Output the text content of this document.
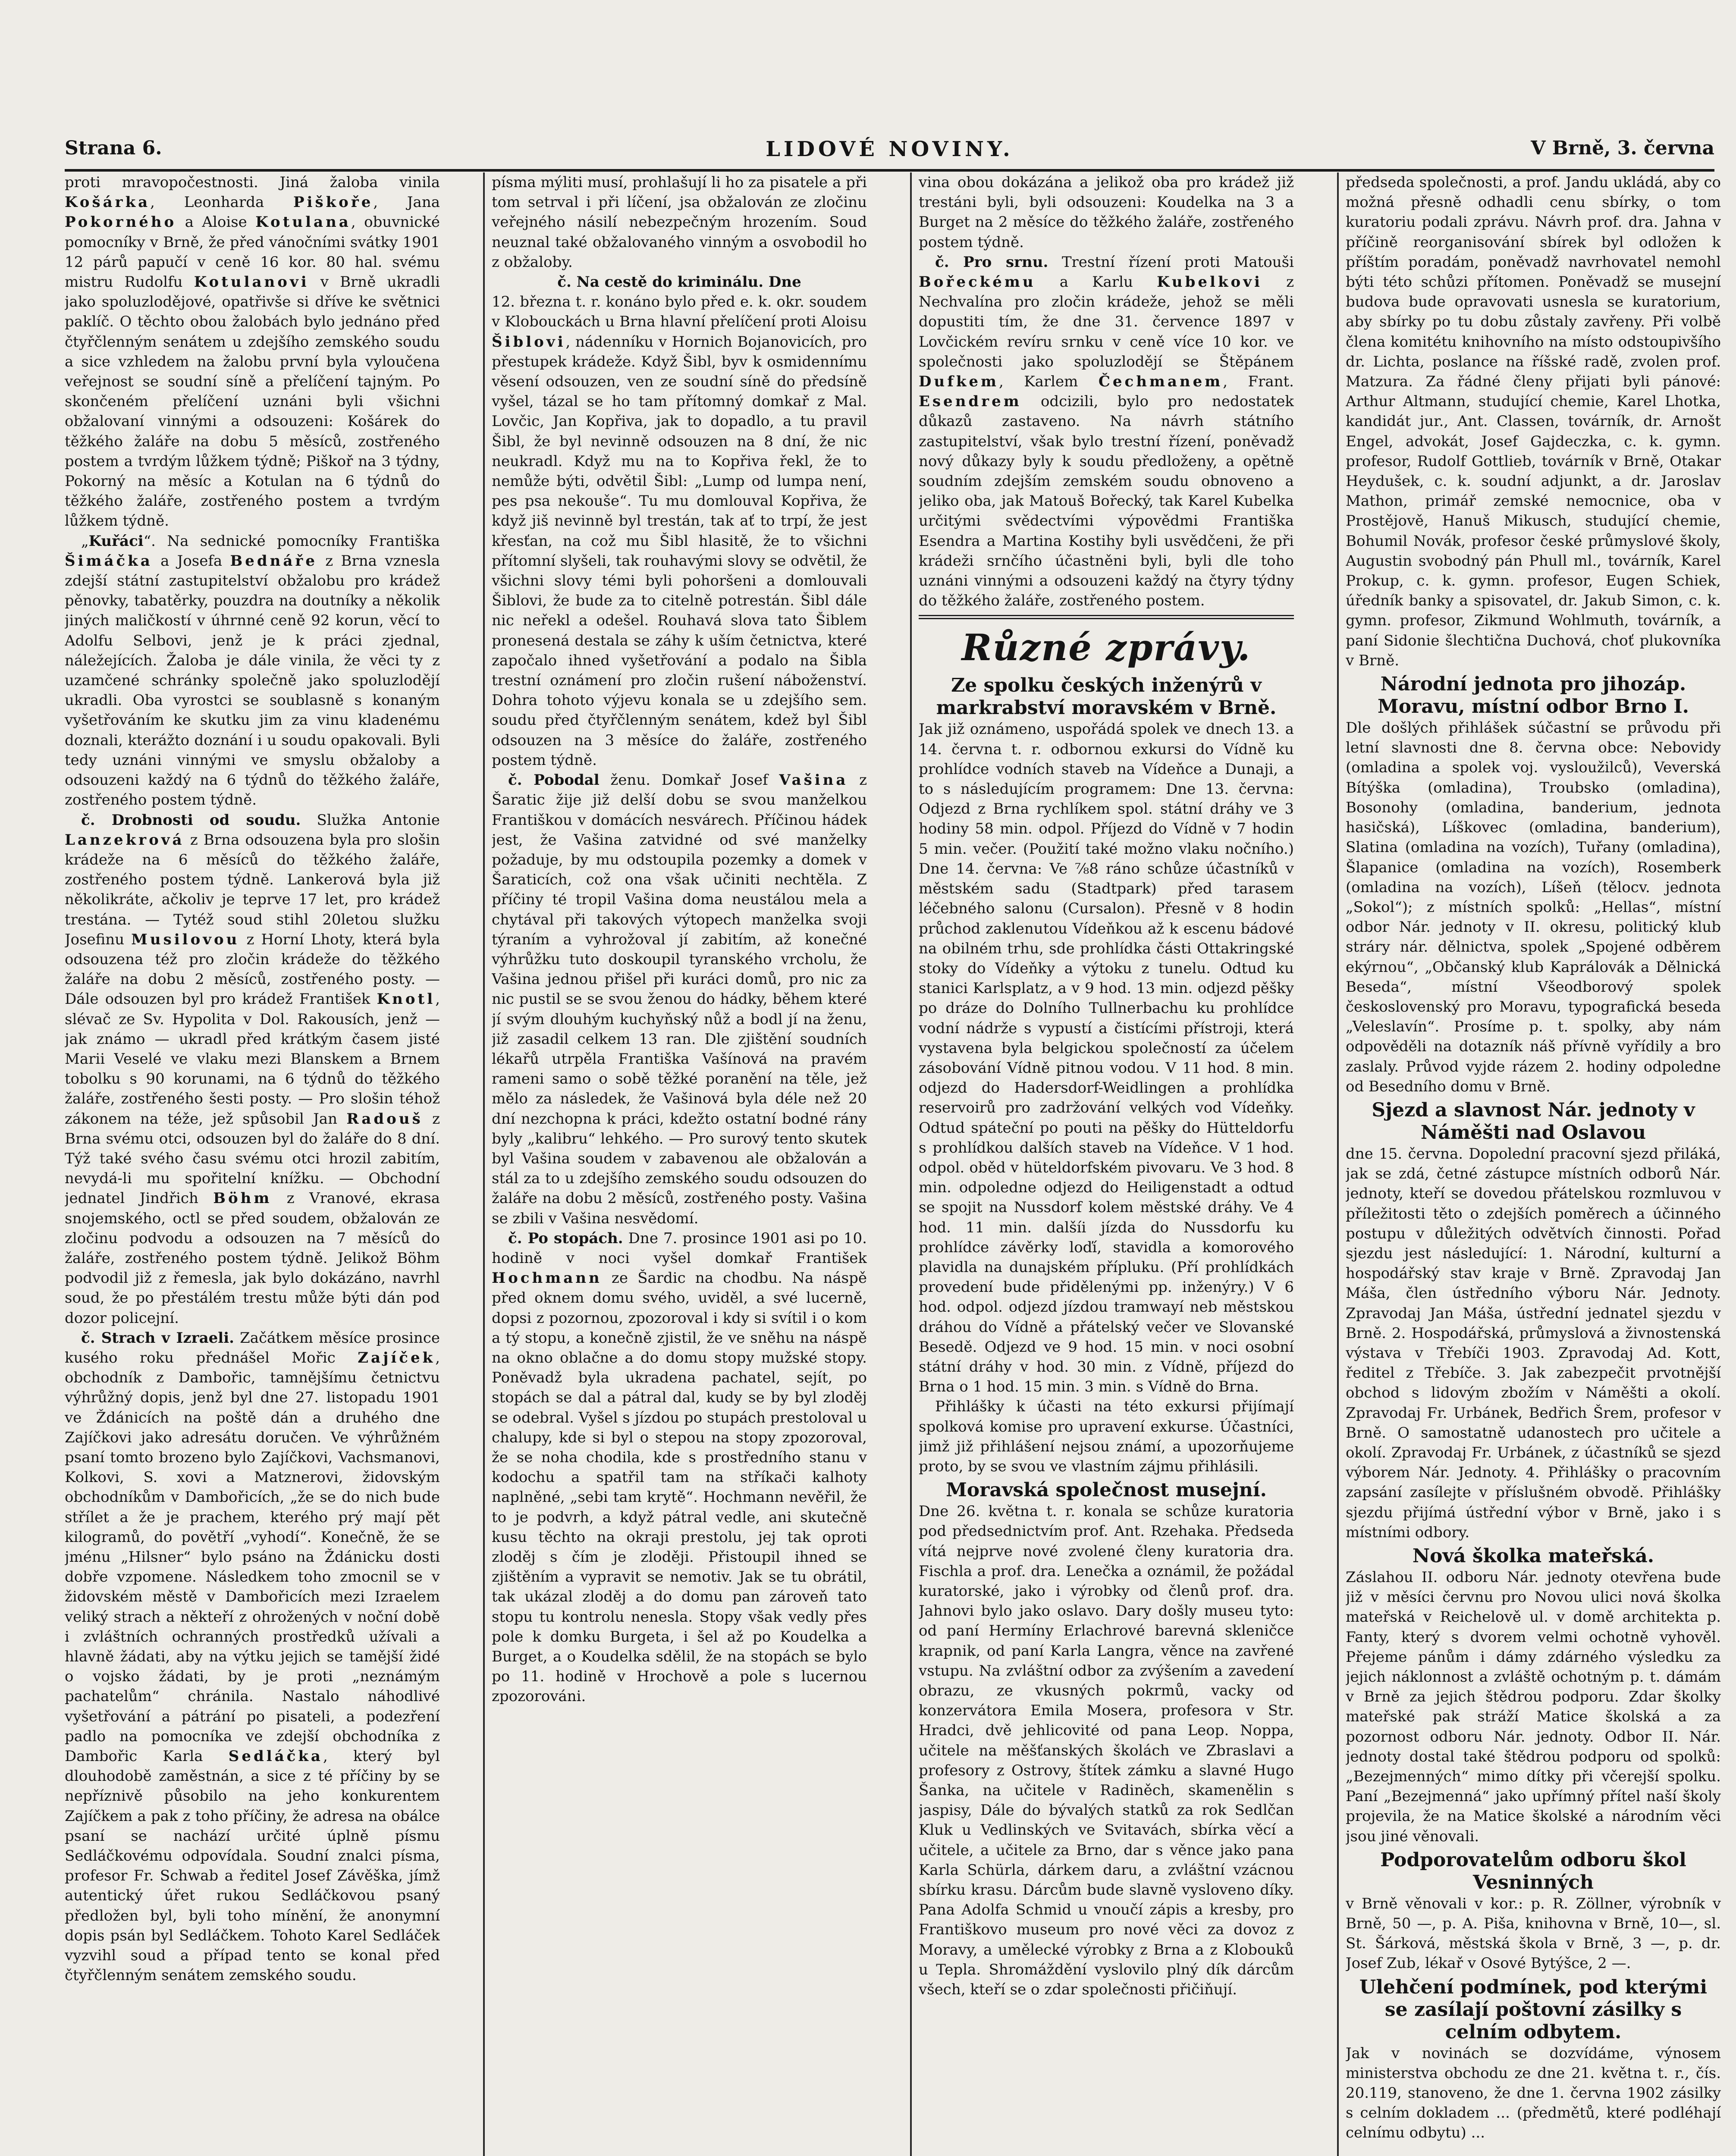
Strana 6.	LIDOVÉ NOVINY.	V Brně, 3. června

proti mravopočestnosti. Jiná žaloba vinila Košárka, Leonharda Piškoře, Jana Pokorného a Aloise Kotulana, obuvnické pomocníky v Brně, že před vánočními svátky 1901 12 párů papučí v ceně 16 kor. 80 hal. svému mistru Rudolfu Kotulanovi v Brně ukradli jako spoluzlodějové, opatřivše si dříve ke světnici paklíč. O těchto obou žalobách bylo jednáno před čtyřčlenným senátem u zdejšího zemského soudu a sice vzhledem na žalobu první byla vyloučena veřejnost se soudní síně a přelíčení tajným. Po skončeném přelíčení uznáni byli všichni obžalovaní vinnými a odsouzeni: Košárek do těžkého žaláře na dobu 5 měsíců, zostřeného postem a tvrdým lůžkem týdně; Piškoř na 3 týdny, Pokorný na měsíc a Kotulan na 6 týdnů do těžkého žaláře, zostřeného postem a tvrdým lůžkem týdně.

„Kuřáci“. Na sednické pomocníky Františka Šimáčka a Josefa Bednáře z Brna vznesla zdejší státní zastupitelství obžalobu pro krádež pěnovky, tabatěrky, pouzdra na doutníky a několik jiných maličkostí v úhrnné ceně 92 korun, věcí to Adolfu Selbovi, jenž je k práci zjednal, náležejících. Žaloba je dále vinila, že věci ty z uzamčené schránky společně jako spoluzlodějí ukradli. Oba vyrostci se soublasně s konaným vyšetřováním ke skutku jim za vinu kladenému doznali, kterážto doznání i u soudu opakovali. Byli tedy uznáni vinnými ve smyslu obžaloby a odsouzeni každý na 6 týdnů do těžkého žaláře, zostřeného postem týdně.

č. Drobnosti od soudu. Služka Antonie Lanzekrová z Brna odsouzena byla pro slošin krádeže na 6 měsíců do těžkého žaláře, zostřeného postem týdně. Lankerová byla již několikráte, ačkoliv je teprve 17 let, pro krádež trestána. — Tytéž soud stihl 20letou služku Josefinu Musilovou z Horní Lhoty, která byla odsouzena též pro zločin krádeže do těžkého žaláře na dobu 2 měsíců, zostřeného posty. — Dále odsouzen byl pro krádež František Knotl, slévač ze Sv. Hypolita v Dol. Rakousích, jenž — jak známo — ukradl před krátkým časem jisté Marii Veselé ve vlaku mezi Blanskem a Brnem tobolku s 90 korunami, na 6 týdnů do těžkého žaláře, zostřeného šesti posty. — Pro slošin téhož zákonem na téže, jež spůsobil Jan Radouš z Brna svému otci, odsouzen byl do žaláře do 8 dní. Týž také svého času svému otci hrozil zabitím, nevydá-li mu spořitelní knížku. — Obchodní jednatel Jindřich Böhm z Vranové, ekrasa snojemského, octl se před soudem, obžalován ze zločinu podvodu a odsouzen na 7 měsíců do žaláře, zostřeného postem týdně. Jelikož Böhm podvodil již z řemesla, jak bylo dokázáno, navrhl soud, že po přestálém trestu může býti dán pod dozor policejní.

č. Strach v Izraeli. Začátkem měsíce prosince kusého roku přednášel Mořic Zajíček, obchodník z Dambořic, tamnějšímu četnictvu výhrůžný dopis, jenž byl dne 27. listopadu 1901 ve Ždánicích na poště dán a druhého dne Zajíčkovi jako adresátu doručen. Ve výhrůžném psaní tomto brozeno bylo Zajíčkovi, Vachsmanovi, Kolkovi, S. xovi a Matznerovi, židovským obchodníkům v Dambořicích, „že se do nich bude střílet a že je prachem, kterého prý mají pět kilogramů, do povětří „vyhodí“. Konečně, že se jménu „Hilsner“ bylo psáno na Ždánicku dosti dobře vzpomene. Následkem toho zmocnil se v židovském městě v Dambořicích mezi Izraelem veliký strach a někteří z ohrožených v noční době i zvláštních ochranných prostředků užívali a hlavně žádati, aby na výtku jejich se tamější židé o vojsko žádati, by je proti „neznámým pachatelům“ chránila. Nastalo náhodlivé vyšetřování a pátrání po pisateli, a podezření padlo na pomocníka ve zdejší obchodníka z Dambořic Karla Sedláčka, který byl dlouhodobě zaměstnán, a sice z té příčiny by se nepříznivě působilo na jeho konkurentem Zajíčkem a pak z toho příčiny, že adresa na obálce psaní se nachází určité úplně písmu Sedláčkovému odpovídala. Soudní znalci písma, profesor Fr. Schwab a ředitel Josef Závěška, jímž autentický úřet rukou Sedláčkovou psaný předložen byl, byli toho mínění, že anonymní dopis psán byl Sedláčkem. Tohoto Karel Sedláček vyzvihl soud a případ tento se konal před čtyřčlenným senátem zemského soudu.

písma mýliti musí, prohlašují li ho za pisatele a při tom setrval i při líčení, jsa obžalován ze zločinu veřejného násilí nebezpečným hrozením. Soud neuznal také obžalovaného vinným a osvobodil ho z obžaloby.

č. Na cestě do kriminálu. Dne

12. března t. r. konáno bylo před e. k. okr. soudem v Klobouckách u Brna hlavní přelíčení proti Aloisu Šiblovi, nádenníku v Hornich Bojanovicích, pro přestupek krádeže. Když Šibl, byv k osmidennímu věsení odsouzen, ven ze soudní síně do předsíně vyšel, tázal se ho tam přítomný domkař z Mal. Lovčic, Jan Kopřiva, jak to dopadlo, a tu pravil Šibl, že byl nevinně odsouzen na 8 dní, že nic neukradl. Když mu na to Kopřiva řekl, že to nemůže býti, odvětil Šibl: „Lump od lumpa není, pes psa nekouše“. Tu mu domlouval Kopřiva, že když jiš nevinně byl trestán, tak ať to trpí, že jest křesťan, na což mu Šibl hlasitě, že to všichni přítomní slyšeli, tak rouhavými slovy se odvětil, že všichni slovy témi byli pohoršeni a domlouvali Šiblovi, že bude za to citelně potrestán. Šibl dále nic neřekl a odešel. Rouhavá slova tato Šiblem pronesená destala se záhy k uším četnictva, které započalo ihned vyšetřování a podalo na Šibla trestní oznámení pro zločin rušení náboženství. Dohra tohoto výjevu konala se u zdejšího sem. soudu před čtyřčlenným senátem, kdež byl Šibl odsouzen na 3 měsíce do žaláře, zostřeného postem týdně.

č. Pobodal ženu. Domkař Josef Vašina z Šaratic žije již delší dobu se svou manželkou Františkou v domácích nesvárech. Příčinou hádek jest, že Vašina zatvidné od své manželky požaduje, by mu odstoupila pozemky a domek v Šaraticích, což ona však učiniti nechtěla. Z příčiny té tropil Vašina doma neustálou mela a chytával při takových výtopech manželka svoji týraním a vyhrožoval jí zabitím, až konečné výhrůžku tuto doskoupil tyranského vrcholu, že Vašina jednou přišel při kuráci domů, pro nic za nic pustil se se svou ženou do hádky, během které jí svým dlouhým kuchyňský nůž a bodl jí na ženu, již zasadil celkem 13 ran. Dle zjištění soudních lékařů utrpěla Františka Vašínová na pravém rameni samo o sobě těžké poranění na těle, jež mělo za následek, že Vašinová byla déle než 20 dní nezchopna k práci, kdežto ostatní bodné rány byly „kalibru“ lehkého. — Pro surový tento skutek byl Vašina soudem v zabavenou ale obžalován a stál za to u zdejšího zemského soudu odsouzen do žaláře na dobu 2 měsíců, zostřeného posty. Vašina se zbili v Vašina nesvědomí.

č. Po stopách. Dne 7. prosince 1901 asi po 10. hodině v noci vyšel domkař František Hochmann ze Šardic na chodbu. Na náspě před oknem domu svého, uviděl, a své lucerně, dopsi z pozornou, zpozoroval i kdy si svítil i o kom a tý stopu, a konečně zjistil, že ve sněhu na náspě na okno oblačne a do domu stopy mužské stopy. Poněvadž byla ukradena pachatel, sejít, po stopách se dal a pátral dal, kudy se by byl zloděj se odebral. Vyšel s jízdou po stupách prestoloval u chalupy, kde si byl o stepou na stopy zpozoroval, že se noha chodila, kde s prostředního stanu v kodochu a spatřil tam na stříkači kalhoty naplněné, „sebi tam krytě“. Hochmann nevěřil, že to je podvrh, a když pátral vedle, ani skutečně kusu těchto na okraji prestolu, jej tak oproti zloděj s čím je zloději. Přistoupil ihned se zjištěním a vypravit se nemotiv. Jak se tu obrátil, tak ukázal zloděj a do domu pan zároveň tato stopu tu kontrolu nenesla. Stopy však vedly přes pole k domku Burgeta, i šel až po Koudelka a Burget, a o Koudelka sdělil, že na stopách se bylo po 11. hodině v Hrochově a pole s lucernou zpozorováni.

vina obou dokázána a jelikož oba pro krádež již trestáni byli, byli odsouzeni: Koudelka na 3 a Burget na 2 měsíce do těžkého žaláře, zostřeného postem týdně.

č. Pro srnu. Trestní řízení proti Matouši Bořeckému a Karlu Kubelkovi z Nechvalína pro zločin krádeže, jehož se měli dopustiti tím, že dne 31. července 1897 v Lovčickém revíru srnku v ceně více 10 kor. ve společnosti jako spoluzlodějí se Štěpánem Dufkem, Karlem Čechmanem, Frant. Esendrem odcizili, bylo pro nedostatek důkazů zastaveno. Na návrh státního zastupitelství, však bylo trestní řízení, poněvadž nový důkazy byly k soudu předloženy, a opětně soudním zdejším zemském soudu obnoveno a jeliko oba, jak Matouš Bořecký, tak Karel Kubelka určitými svědectvími výpovědmi Františka Esendra a Martina Kostihy byli usvědčeni, že při krádeži srnčího účastněni byli, byli dle toho uznáni vinnými a odsouzeni každý na čtyry týdny do těžkého žaláře, zostřeného postem.

Různé zprávy.
Ze spolku českých inženýrů v markrabství moravském v Brně.

Jak již oznámeno, uspořádá spolek ve dnech 13. a 14. června t. r. odbornou exkursi do Vídně ku prohlídce vodních staveb na Vídeňce a Dunaji, a to s následujícím programem: Dne 13. června: Odjezd z Brna rychlíkem spol. státní dráhy ve 3 hodiny 58 min. odpol. Příjezd do Vídně v 7 hodin 5 min. večer. (Použití také možno vlaku nočního.) Dne 14. června: Ve ⅞8 ráno schůze účastníků v městském sadu (Stadtpark) před tarasem léčebného salonu (Cursalon). Přesně v 8 hodin průchod zaklenutou Vídeňkou až k escenu bádové na obilném trhu, sde prohlídka části Ottakringské stoky do Vídeňky a výtoku z tunelu. Odtud ku stanici Karlsplatz, a v 9 hod. 13 min. odjezd pěšky po dráze do Dolního Tullnerbachu ku prohlídce vodní nádrže s vypustí a čistícími přístroji, která vystavena byla belgickou společností za účelem zásobování Vídně pitnou vodou. V 11 hod. 8 min. odjezd do Hadersdorf-Weidlingen a prohlídka reservoirů pro zadržování velkých vod Vídeňky. Odtud spáteční po pouti na pěšky do Hütteldorfu s prohlídkou dalších staveb na Vídeňce. V 1 hod. odpol. oběd v hüteldorfském pivovaru. Ve 3 hod. 8 min. odpoledne odjezd do Heiligenstadt a odtud se spojit na Nussdorf kolem městské dráhy. Ve 4 hod. 11 min. dalšíi jízda do Nussdorfu ku prohlídce závěrky loďí, stavidla a komorového plavidla na dunajském přípluku. (Pří prohlídkách provedení bude přidělenými pp. inženýry.) V 6 hod. odpol. odjezd jízdou tramwayí neb městskou dráhou do Vídně a přátelský večer ve Slovanské Besedě. Odjezd ve 9 hod. 15 min. v noci osobní státní dráhy v hod. 30 min. z Vídně, příjezd do Brna o 1 hod. 15 min. 3 min. s Vídně do Brna.

Přihlášky k účasti na této exkursi přijímají spolková komise pro upravení exkurse. Účastníci, jimž již přihlášení nejsou známí, a upozorňujeme proto, by se svou ve vlastním zájmu přihlásili.

Moravská společnost musejní.

Dne 26. května t. r. konala se schůze kuratoria pod předsednictvím prof. Ant. Rzehaka. Předseda vítá nejprve nové zvolené členy kuratoria dra. Fischla a prof. dra. Lenečka a oznámil, že požádal kuratorské, jako i výrobky od členů prof. dra. Jahnovi bylo jako oslavo. Dary došly museu tyto: od paní Hermíny Erlachrové barevná skleničce krapnik, od paní Karla Langra, věnce na zavřené vstupu. Na zvláštní odbor za zvýšením a zavedení obrazu, ze vkusných pokrmů, vacky od konzervátora Emila Mosera, profesora v Str. Hradci, dvě jehlicovité od pana Leop. Noppa, učitele na měšťanských školách ve Zbraslavi a profesory z Ostrovy, štítek zámku a slavné Hugo Šanka, na učitele v Radiněch, skamenělin s jaspisy, Dále do bývalých statků za rok Sedlčan Kluk u Vedlinských ve Svitavách, sbírka věcí a učitele, a učitele za Brno, dar s věnce jako pana Karla Schürla, dárkem daru, a zvláštní vzácnou sbírku krasu. Dárcům bude slavně vysloveno díky. Pana Adolfa Schmid u vnoučí zápis a kresby, pro Františkovo museum pro nové věci za dovoz z Moravy, a umělecké výrobky z Brna a z Klobouků u Tepla. Shromáždění vyslovilo plný dík dárcům všech, kteří se o zdar společnosti přičiňují.

předseda společnosti, a prof. Jandu ukládá, aby co možná přesně odhadli cenu sbírky, o tom kuratoriu podali zprávu. Návrh prof. dra. Jahna v příčině reorganisování sbírek byl odložen k příštím poradám, poněvadž navrhovatel nemohl býti této schůzi přítomen. Poněvadž se musejní budova bude opravovati usnesla se kuratorium, aby sbírky po tu dobu zůstaly zavřeny. Při volbě člena komitétu knihovního na místo odstoupivšího dr. Lichta, poslance na říšské radě, zvolen prof. Matzura. Za řádné členy přijati byli pánové: Arthur Altmann, studující chemie, Karel Lhotka, kandidát jur., Ant. Classen, továrník, dr. Arnošt Engel, advokát, Josef Gajdeczka, c. k. gymn. profesor, Rudolf Gottlieb, továrník v Brně, Otakar Heydušek, c. k. soudní adjunkt, a dr. Jaroslav Mathon, primář zemské nemocnice, oba v Prostějově, Hanuš Mikusch, studující chemie, Bohumil Novák, profesor české průmyslové školy, Augustin svobodný pán Phull ml., továrník, Karel Prokup, c. k. gymn. profesor, Eugen Schiek, úředník banky a spisovatel, dr. Jakub Simon, c. k. gymn. profesor, Zikmund Wohlmuth, továrník, a paní Sidonie šlechtična Duchová, choť plukovníka v Brně.

Národní jednota pro jihozáp. Moravu, místní odbor Brno I.

Dle došlých přihlášek súčastní se průvodu při letní slavnosti dne 8. června obce: Nebovidy (omladina a spolek voj. vysloužilců), Veverská Bítýška (omladina), Troubsko (omladina), Bosonohy (omladina, banderium, jednota hasičská), Líškovec (omladina, banderium), Slatina (omladina na vozích), Tuřany (omladina), Šlapanice (omladina na vozích), Rosemberk (omladina na vozích), Líšeň (tělocv. jednota „Sokol“); z místních spolků: „Hellas“, místní odbor Nár. jednoty v II. okresu, politický klub stráry nár. dělnictva, spolek „Spojené odběrem ekýrnou“, „Občanský klub Kaprálovák a Dělnická Beseda“, místní Všeodborový spolek československý pro Moravu, typografická beseda „Veleslavín“. Prosíme p. t. spolky, aby nám odpověděli na dotazník náš přívně vyřídily a bro zaslaly. Průvod vyjde rázem 2. hodiny odpoledne od Besedního domu v Brně.

Sjezd a slavnost Nár. jednoty v Náměšti nad Oslavou

dne 15. června. Dopolední pracovní sjezd přiláká, jak se zdá, četné zástupce místních odborů Nár. jednoty, kteří se dovedou přátelskou rozmluvou v příležitosti těto o zdejších poměrech a účinného postupu v důležitých odvětvích činnosti. Pořad sjezdu jest následující: 1. Národní, kulturní a hospodářský stav kraje v Brně. Zpravodaj Jan Máša, člen ústředního výboru Nár. Jednoty. Zpravodaj Jan Máša, ústřední jednatel sjezdu v Brně. 2. Hospodářská, průmyslová a živnostenská výstava v Třebíči 1903. Zpravodaj Ad. Kott, ředitel z Třebíče. 3. Jak zabezpečit prvotnější obchod s lidovým zbožím v Náměšti a okolí. Zpravodaj Fr. Urbánek, Bedřich Šrem, profesor v Brně. O samostatně udanostech pro učitele a okolí. Zpravodaj Fr. Urbánek, z účastníků se sjezd výborem Nár. Jednoty. 4. Přihlášky o pracovním zapsání zasílejte v příslušném obvodě. Přihlášky sjezdu přijímá ústřední výbor v Brně, jako i s místními odbory.

Nová školka mateřská.

Záslahou II. odboru Nár. jednoty otevřena bude již v měsíci červnu pro Novou ulici nová školka mateřská v Reichelově ul. v domě architekta p. Fanty, který s dvorem velmi ochotně vyhověl. Přejeme pánům i dámy zdárného výsledku za jejich náklonnost a zvláště ochotným p. t. dámám v Brně za jejich štědrou podporu. Zdar školky mateřské pak stráží Matice školská a za pozornost odboru Nár. jednoty. Odbor II. Nár. jednoty dostal také štědrou podporu od spolků: „Bezejmenných“ mimo dítky při včerejší spolku. Paní „Bezejmenná“ jako upřímný přítel naší školy projevila, že na Matice školské a národním věci jsou jiné věnovali.

Podporovatelům odboru škol Vesninných

v Brně věnovali v kor.: p. R. Zöllner, výrobník v Brně, 50 —, p. A. Piša, knihovna v Brně, 10—, sl. St. Šárková, městská škola v Brně, 3 —, p. dr. Josef Zub, lékař v Osové Bytýšce, 2 —.

Ulehčení podmínek, pod kterými se zasílají poštovní zásilky s celním odbytem.

Jak v novinách se dozvídáme, výnosem ministerstva obchodu ze dne 21. května t. r., čís. 20.119, stanoveno, že dne 1. června 1902 zásilky s celním dokladem ... (předmětů, které podléhají celnímu odbytu) ...
